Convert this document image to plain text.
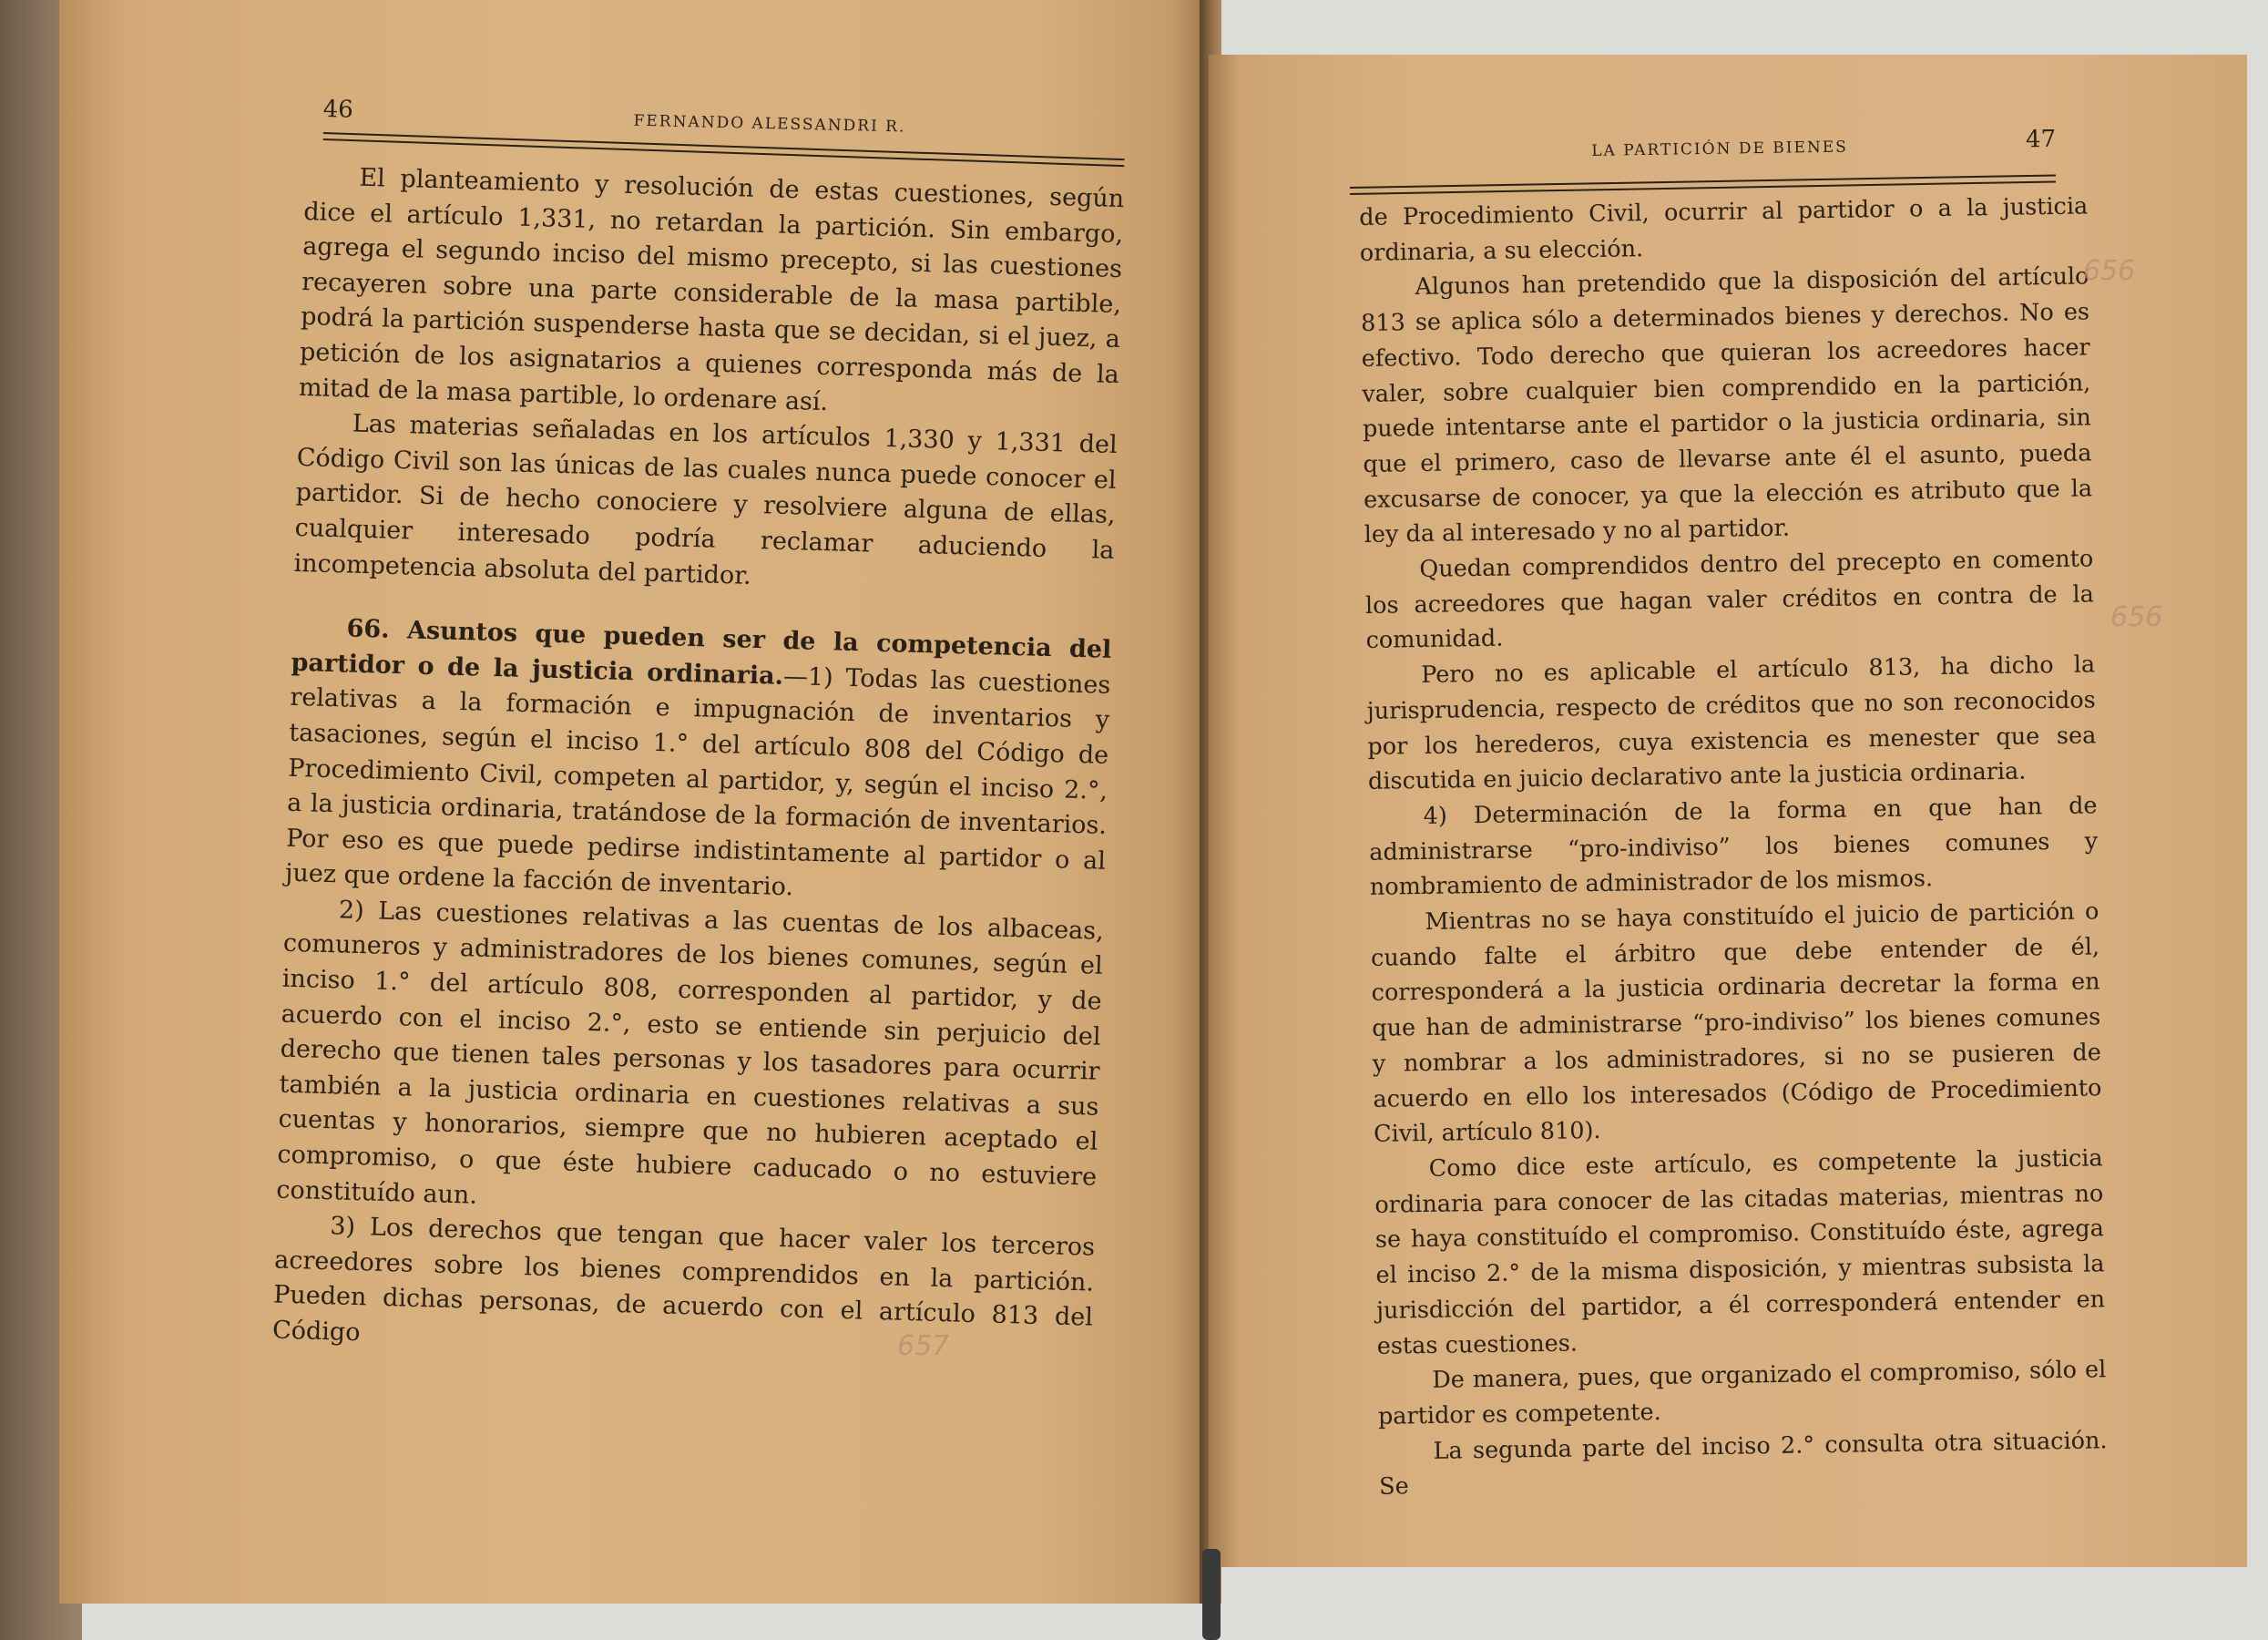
46
FERNANDO ALESSANDRI R.

El planteamiento y resolución de estas cuestiones, según dice el artículo 1,331, no retardan la partición. Sin embargo, agrega el segundo inciso del mismo precepto, si las cuestiones recayeren sobre una parte considerable de la masa partible, podrá la partición suspenderse hasta que se decidan, si el juez, a petición de los asignatarios a quienes corresponda más de la mitad de la masa partible, lo ordenare así.

Las materias señaladas en los artículos 1,330 y 1,331 del Código Civil son las únicas de las cuales nunca puede conocer el partidor. Si de hecho conociere y resolviere alguna de ellas, cualquier interesado podría reclamar aduciendo la incompetencia absoluta del partidor.

66. Asuntos que pueden ser de la competencia del partidor o de la justicia ordinaria.—1) Todas las cuestiones relativas a la formación e impugnación de inventarios y tasaciones, según el inciso 1.° del artículo 808 del Código de Procedimiento Civil, competen al partidor, y, según el inciso 2.°, a la justicia ordinaria, tratándose de la formación de inventarios. Por eso es que puede pedirse indistintamente al partidor o al juez que ordene la facción de inventario.

2) Las cuestiones relativas a las cuentas de los albaceas, comuneros y administradores de los bienes comunes, según el inciso 1.° del artículo 808, corresponden al partidor, y de acuerdo con el inciso 2.°, esto se entiende sin perjuicio del derecho que tienen tales personas y los tasadores para ocurrir también a la justicia ordinaria en cuestiones relativas a sus cuentas y honorarios, siempre que no hubieren aceptado el compromiso, o que éste hubiere caducado o no estuviere constituído aun.

3) Los derechos que tengan que hacer valer los terceros acreedores sobre los bienes comprendidos en la partición. Pueden dichas personas, de acuerdo con el artículo 813 del Código	657
LA PARTICIÓN DE BIENES	47

de Procedimiento Civil, ocurrir al partidor o a la justicia ordinaria, a su elección.

Algunos han pretendido que la disposición del artículo 813 se aplica sólo a determinados bienes y derechos. No es efectivo. Todo derecho que quieran los acreedores hacer valer, sobre cualquier bien comprendido en la partición, puede intentarse ante el partidor o la justicia ordinaria, sin que el primero, caso de llevarse ante él el asunto, pueda excusarse de conocer, ya que la elección es atributo que la ley da al interesado y no al partidor.

Quedan comprendidos dentro del precepto en comento los acreedores que hagan valer créditos en contra de la comunidad.

Pero no es aplicable el artículo 813, ha dicho la jurisprudencia, respecto de créditos que no son reconocidos por los herederos, cuya existencia es menester que sea discutida en juicio declarativo ante la justicia ordinaria.

4) Determinación de la forma en que han de administrarse “pro-indiviso” los bienes comunes y nombramiento de administrador de los mismos.

Mientras no se haya constituído el juicio de partición o cuando falte el árbitro que debe entender de él, corresponderá a la justicia ordinaria decretar la forma en que han de administrarse “pro-indiviso” los bienes comunes y nombrar a los administradores, si no se pusieren de acuerdo en ello los interesados (Código de Procedimiento Civil, artículo 810).

Como dice este artículo, es competente la justicia ordinaria para conocer de las citadas materias, mientras no se haya constituído el compromiso. Constituído éste, agrega el inciso 2.° de la misma disposición, y mientras subsista la jurisdicción del partidor, a él corresponderá entender en estas cuestiones.

De manera, pues, que organizado el compromiso, sólo el partidor es competente.

La segunda parte del inciso 2.° consulta otra situación. Se

656
656
